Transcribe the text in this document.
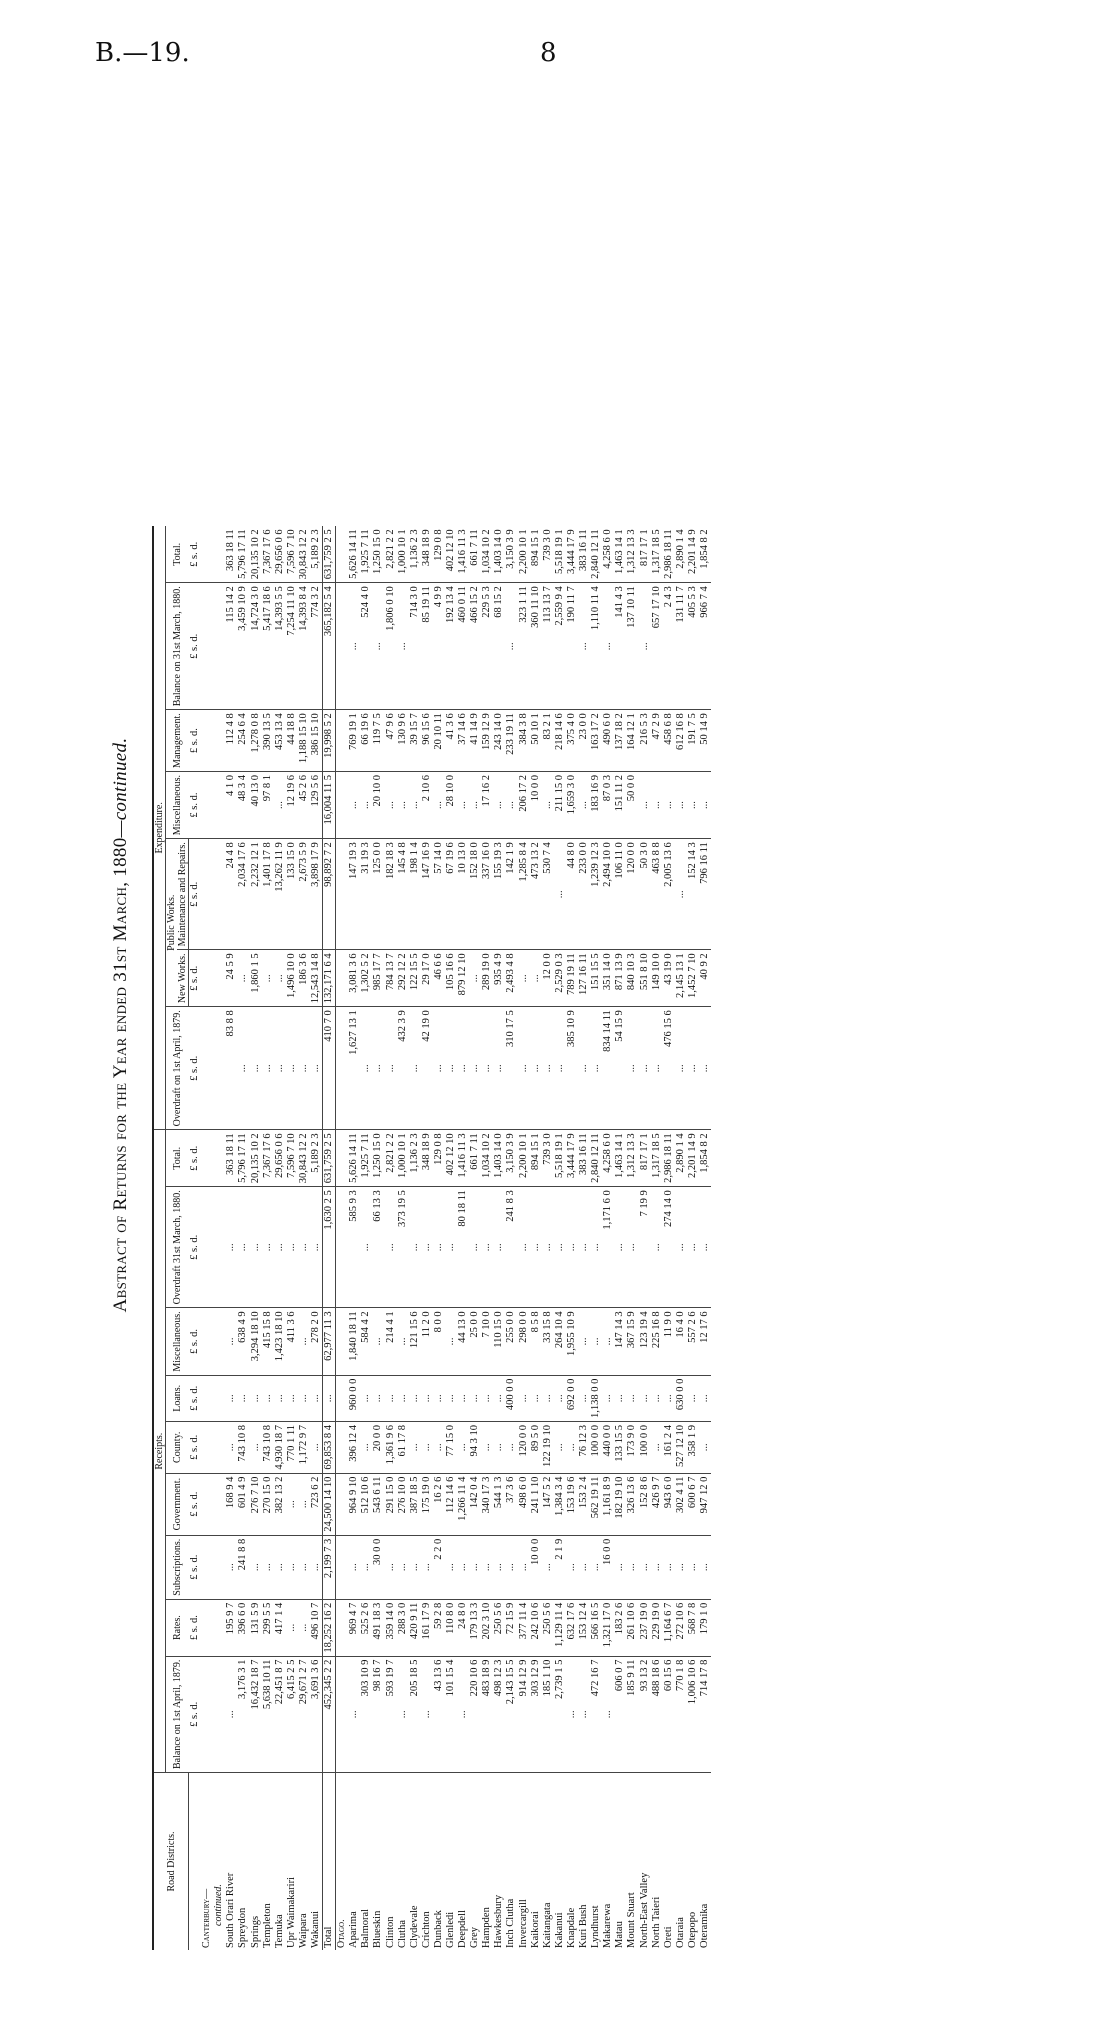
B.—19.	8
Abstract of Returns for the Year ended 31st March, 1880—continued.
Road Districts.	Receipts.									Expenditure.						
	Balance on 1st April, 1879.	Rates.	Subscriptions.	Government.	County.	Loans.	Miscellaneous.	Overdraft 31st March, 1880.	Total.	Overdraft on 1st April, 1879.	Public Works.		Miscellaneous.	Management.	Balance on 31st March, 1880.	Total.
											New Works.	Maintenance and Repairs.				
	£ s. d.	£ s. d.	£ s. d.	£ s. d.	£ s. d.	£ s. d.	£ s. d.	£ s. d.	£ s. d.	£ s. d.	£ s. d.	£ s. d.	£ s. d.	£ s. d.	£ s. d.	£ s. d.
Canterbury—																
continued.																
South Orari River	...	195 9 7	...	168 9 4	...	...	...	...	363 18 11	83 8 8	24 5 9	24 4 8	4 1 0	112 4 8	115 14 2	363 18 11
Spreydon	3,176 3 1	396 6 0	241 8 8	601 4 9	743 10 8	...	638 4 9	...	5,796 17 11	...	...	2,034 17 6	48 3 4	254 6 4	3,459 10 9	5,796 17 11
Springs	16,432 18 7	131 5 9	...	276 7 10	...	...	3,294 18 10	...	20,135 10 2	...	1,860 1 5	2,232 12 1	40 13 0	1,278 0 8	14,724 3 0	20,135 10 2
Templeton	5,638 10 11	299 5 5	...	270 15 0	743 10 8	...	415 15 8	...	7,367 17 6	...	...	1,401 17 8	97 8 1	390 13 5	5,417 18 6	7,367 17 6
Temuka	22,451 8 7	417 1 4	...	382 13 2	4,930 18 7	...	1,423 18 10	...	29,656 0 6	...	...	13,262 11 9	...	453 13 4	14,393 5 5	29,656 0 6
Upr Waimakariri	6,415 2 5	...	...	...	770 1 11	...	411 3 6	...	7,596 7 10	...	1,496 10 0	133 15 0	12 19 6	44 18 8	7,254 11 10	7,596 7 10
Waipara	29,671 2 7	...	...	...	1,172 9 7	...	...	...	30,843 12 2	...	186 3 6	2,673 5 9	45 2 6	1,188 15 10	14,393 8 4	30,843 12 2
Wakanui	3,691 3 6	496 10 7	...	723 6 2	...	...	278 2 0	...	5,189 2 3	...	12,543 14 8	3,898 17 9	129 5 6	386 15 10	774 3 2	5,189 2 3
Total	452,345 2 2	18,252 16 2	2,199 7 3	24,500 14 10	69,853 8 4	...	62,977 11 3	1,630 2 5	631,759 2 5	410 7 0	132,171 6 4	98,892 7 2	16,004 11 5	19,998 5 2	365,182 5 4	631,759 2 5
Otago.																
Aparima	...	969 4 7	...	964 9 10	396 12 4	960 0 0	1,840 18 11	585 9 3	5,626 14 11	1,627 13 1	3,081 3 6	147 19 3	...	769 19 1	...	5,626 14 11
Balmoral	303 10 9	525 2 6	...	512 10 6	...	...	584 4 2	...	1,925 7 11	...	1,302 5 2	31 19 3	...	66 19 6	524 4 0	1,925 7 11
Blueskin	98 16 7	491 18 3	30 0 0	543 6 11	20 0 0	...	...	66 13 3	1,250 15 0	...	985 17 7	125 0 0	20 10 0	119 7 5	...	1,250 15 0
Clinton	593 19 7	359 14 0	...	291 15 0	1,361 9 6	...	214 4 1	...	2,821 2 2	...	784 13 7	182 18 3	...	47 9 6	1,806 0 10	2,821 2 2
Clutha	...	288 3 0	...	276 10 0	61 17 8	...	...	373 19 5	1,000 10 1	432 3 9	292 12 2	145 4 8	...	130 9 6	...	1,000 10 1
Clydevale	205 18 5	420 9 11	...	387 18 5	...	...	121 15 6	...	1,136 2 3	...	122 15 5	198 1 4	...	39 15 7	714 3 0	1,136 2 3
Crichton	...	161 17 9	...	175 19 0	...	...	11 2 0	...	348 18 9	42 19 0	29 17 0	147 16 9	2 10 6	96 15 6	85 19 11	348 18 9
Dunback	43 13 6	59 2 8	2 2 0	16 2 6	...	...	8 0 0	...	129 0 8	...	46 6 6	57 14 0	...	20 10 11	4 9 9	129 0 8
Glenledi	101 15 4	110 8 0	...	112 14 6	77 15 0	...	...	...	402 12 10	...	105 16 6	67 19 6	28 10 0	41 3 6	192 13 4	402 12 10
Deepdell	...	24 8 0	...	1,266 11 4	...	...	44 13 0	80 18 11	1,416 11 3	...	879 12 10	10 13 0	...	37 14 6	460 0 11	1,416 11 3
Grey	220 10 6	179 13 3	...	142 0 4	94 3 10	...	25 0 0	...	661 7 11	...	...	152 18 0	...	41 14 9	466 15 2	661 7 11
Hampden	483 18 9	202 3 10	...	340 17 3	...	...	7 10 0	...	1,034 10 2	...	289 19 0	337 16 0	17 16 2	159 12 9	229 5 3	1,034 10 2
Hawkesbury	498 12 3	250 5 6	...	544 1 3	...	...	110 15 0	...	1,403 14 0	...	935 4 9	155 19 3	...	243 14 0	68 15 2	1,403 14 0
Inch Clutha	2,143 15 5	72 15 9	...	37 3 6	...	400 0 0	255 0 0	241 8 3	3,150 3 9	310 17 5	2,493 4 8	142 1 9	...	233 19 11	...	3,150 3 9
Invercargill	914 12 9	377 11 4	...	498 6 0	120 0 0	...	298 0 0	...	2,200 10 1	...	...	1,285 8 4	206 17 2	384 3 8	323 1 11	2,200 10 1
Kaikorai	303 12 9	242 10 6	10 0 0	241 1 10	89 5 0	...	8 5 8	...	894 15 1	...	...	473 13 2	10 0 0	50 10 1	360 11 10	894 15 1
Kaitangata	185 1 10	250 5 6	...	147 5 2	122 19 10	...	33 15 8	...	739 3 0	...	12 0 0	530 7 4	...	83 2 1	113 13 7	739 3 0
Kakanui	2,739 1 5	1,129 11 4	2 1 9	1,384 3 4	...	...	264 10 4	...	5,518 19 1	...	2,529 0 3	...	211 15 0	218 14 6	2,559 9 4	5,518 19 1
Knapdale	...	632 17 6	...	153 19 6	...	692 0 0	1,955 10 9	...	3,444 17 9	385 10 9	789 19 11	44 8 0	1,659 3 0	375 4 0	190 11 7	3,444 17 9
Kuri Bush	...	153 12 4	...	153 2 4	76 12 3	...	...	...	383 16 11	...	127 16 11	233 0 0	...	23 0 0	...	383 16 11
Lyndhurst	472 16 7	566 16 5	...	562 19 11	100 0 0	1,138 0 0	...	...	2,840 12 11	...	151 15 5	1,239 12 3	183 16 9	163 17 2	1,110 11 4	2,840 12 11
Makarewa	...	1,321 17 0	16 0 0	1,161 8 9	440 0 0	...	...	1,171 6 0	4,258 6 0	834 14 11	351 14 0	2,494 10 0	87 0 3	490 6 0	...	4,258 6 0
Matau	606 0 7	183 2 6	...	182 19 10	133 15 5	...	147 14 3	...	1,463 14 1	54 15 9	871 13 9	106 11 0	151 11 2	137 18 2	141 4 3	1,463 14 1
Mount Stuart	185 9 11	261 10 6	...	326 13 6	173 9 0	...	367 15 9	...	1,312 13 3	...	840 10 3	120 0 0	50 0 0	164 12 1	137 10 11	1,312 13 3
North-East Valley	93 13 2	237 19 0	...	152 8 6	100 0 0	...	123 19 4	7 19 9	817 17 1	...	551 8 10	50 3 0	...	216 5 3	...	817 17 1
North Taieri	488 18 6	229 19 0	...	426 9 7	...	...	225 16 8	...	1,317 18 5	...	149 10 0	463 8 8	...	47 2 9	657 17 10	1,317 18 5
Oreti	60 15 6	1,164 6 7	...	943 6 0	161 2 4	...	11 9 0	274 14 0	2,986 18 11	476 15 6	43 19 0	2,005 13 6	...	458 6 8	2 4 3	2,986 18 11
Otaraia	770 1 8	272 10 6	...	302 4 11	527 12 10	630 0 0	16 4 0	...	2,890 1 4	...	2,145 13 1	...	...	612 16 8	131 11 7	2,890 1 4
Otepopo	1,006 10 6	568 7 8	...	600 6 7	358 1 9	...	557 2 6	...	2,201 14 9	...	1,452 7 10	152 14 3	...	191 7 5	405 5 3	2,201 14 9
Oteramika	714 17 8	179 1 0	...	947 12 0	...	...	12 17 6	...	1,854 8 2	...	40 9 2	796 16 11	...	50 14 9	966 7 4	1,854 8 2
